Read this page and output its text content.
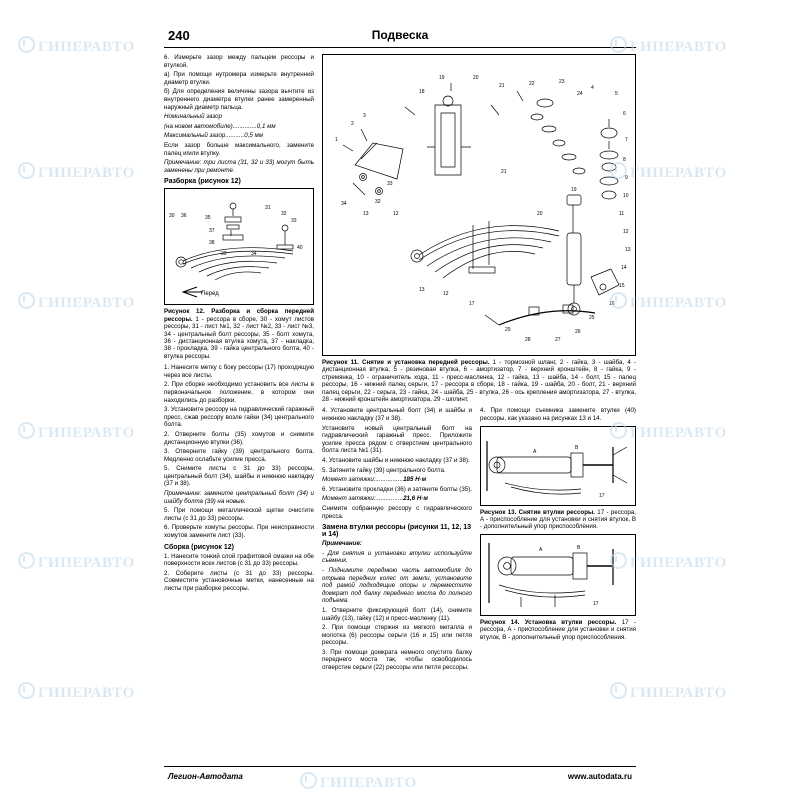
ГИПЕРАВТО	ГИПЕРАВТО
ГИПЕРАВТО	ГИПЕРАВТО
ГИПЕРАВТО	ГИПЕРАВТО
ГИПЕРАВТО	ГИПЕРАВТО
ГИПЕРАВТО	ГИПЕРАВТО
ГИПЕРАВТО	ГИПЕРАВТО
ГИПЕРАВТО
240	Подвеска
6. Измерьте зазор между пальцем рессоры и втулкой.
а) При помощи нутромера измерьте внутренний диаметр втулки.
б) Для определения величины зазора вычтите из внутреннего диаметра втулки ранее замеренный наружный диаметр пальца.
Номинальный зазор
(на новом автомобиле)..............0,1 мм
Максимальный зазор...........0,5 мм
Если зазор больше максимального, замените палец и/или втулку.
Примечание: три листа (31, 32 и 33) могут быть заменены при ремонте.
Разборка (рисунок 12)
30 36
31
32
33
35
37
38
39	34
40
Перед
Рисунок 12. Разборка и сборка передней рессоры. 1 - рессора в сборе, 30 - хомут листов рессоры, 31 - лист №1, 32 - лист №2, 33 - лист №3, 34 - центральный болт рессоры, 35 - болт хомута, 36 - дистанционная втулка хомута, 37 - накладка, 38 - прокладка, 39 - гайка центрального болта, 40 - втулка рессоры.
1. Нанесите метку с боку рессоры (17) проходящую через все листы.
2. При сборке необходимо установить все листы в первоначальное положение, в котором они находились до разборки.
3. Установите рессору на гидравлический гаражный пресс, сжав рессору возле гайки (34) центрального болта.
2. Отверните болты (35) хомутов и снимите дистанционную втулки (36).
3. Отверните гайку (39) центрального болта. Медленно ослабьте усилие пресса.
5. Снимите листы с 31 до 33) рессоры, центральный болт (34), шайбы и нижнюю накладку (37 и 38).
Примечание: замените центральный болт (34) и шайбу болта (39) на новые.
5. При помощи металлической щетки очистите листы (с 31 до 33) рессоры.
6. Проверьте хомуты рессоры. При неисправности хомутов замените лист (33).
Сборка (рисунок 12)
1. Нанесите тонкий слой графитовой смазки на обе поверхности всех листов (с 31 до 33) рессоры.
2. Соберите листы (с 31 до 33) рессоры. Совместите установочные метки, нанесенные на листы при разборке рессоры.
1
2
3
18
19	20
21	22	23
24
4
5
6
7
8
9
10
11
12
13
14
15
16
25
26
27
28
29
17
12
13
12
13
34	32
33
21
20
19
Рисунок 11. Снятие и установка передней рессоры. 1 - тормозной шланг, 2 - гайка, 3 - шайба, 4 - дистанционная втулка, 5 - резиновая втулка, 6 - амортизатор, 7 - верхний кронштейн, 8 - гайка, 9 - стремянка, 10 - ограничитель хода, 11 - пресс-масленка, 12 - гайка, 13 - шайба, 14 - болт, 15 - палец рессоры, 16 - нижний палец серьги, 17 - рессора в сборе, 18 - гайка, 19 - шайба, 20 - болт, 21 - верхний палец серьги, 22 - серьга, 23 - гайка, 24 - шайба, 25 - втулка, 26 - ось крепления амортизатора, 27 - втулка, 28 - нижний кронштейн амортизатора, 29 - шплинт.
4. Установите центральный болт (34) и шайбы и нижнюю накладку (37 и 38).
Установите новый центральный болт на гидравлический гаражный пресс. Приложите усилие пресса рядом с отверстием центрального болта листа №1 (31).
4. Установите шайбы и нижнюю накладку (37 и 38).
5. Затяните гайку (39) центрального болта.
Момент затяжки:................185 Н·м
6. Установите прокладки (36) и затяните болты (35).
Момент затяжки:................21,6 Н·м
Снимите собранную рессору с гидравлического пресса.
Замена втулки рессоры (рисунки 11, 12, 13 и 14)
Примечание:
- Для снятия и установки втулки используйте съемник.
- Поднимите переднюю часть автомобиля до отрыва передних колес от земли, установите под рамой подходящие опоры и переместите домкрат под балку переднего моста до полного подъема.
1. Отверните фиксирующий болт (14), снимите шайбу (13), гайку (12) и пресс-масленку (11).
2. При помощи стержня из мягкого металла и молотка (6) рессоры серьги (16 и 15) или петля рессоры.
3. При помощи домкрата немного опустите балку переднего моста так, чтобы освободилось отверстие серьги (22) рессоры или петля рессоры.
4. При помощи съемника замените втулки (40) рессоры, как указано на рисунках 13 и 14.
A
B
17
Рисунок 13. Снятие втулки рессоры. 17 - рессора, А - приспособление для установки и снятия втулок, В - дополнительный упор приспособления.
A	B
17
Рисунок 14. Установка втулки рессоры. 17 - рессора, А - приспособление для установки и снятия втулок, В - дополнительный упор приспособления.
Легион-Автодата	www.autodata.ru
